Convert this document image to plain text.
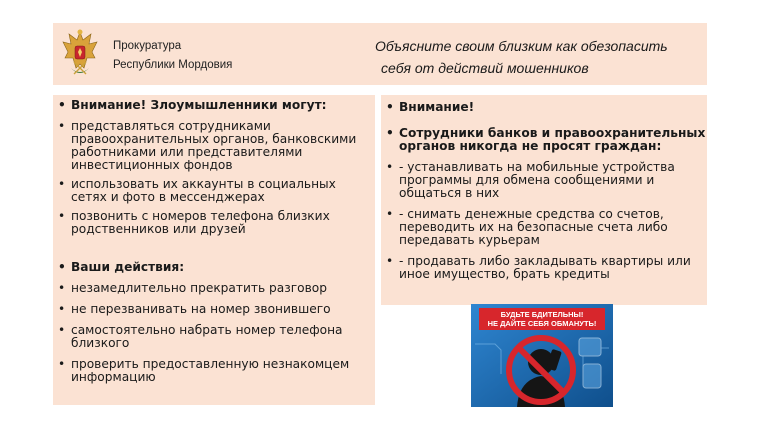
Прокуратура
Республики Мордовия
Объясните своим близким как обезопасить
себя от действий мошенников
• Внимание! Злоумышленники могут:
• представляться сотрудниками правоохранительных органов, банковскими работниками или представителями инвестиционных фондов
• использовать их аккаунты в социальных сетях и фото в мессенджерах
• позвонить с номеров телефона близких родственников или друзей
• Ваши действия:
• незамедлительно прекратить разговор
• не перезванивать на номер звонившего
• самостоятельно набрать номер телефона близкого
• проверить предоставленную незнакомцем информацию
• Внимание!
• Сотрудники банков и правоохранительных органов никогда не просят граждан:
• - устанавливать на мобильные устройства программы для обмена сообщениями и общаться в них
• - снимать денежные средства со счетов, переводить их на безопасные счета либо передавать курьерам
• - продавать либо закладывать квартиры или иное имущество, брать кредиты
БУДЬТЕ БДИТЕЛЬНЫ!
НЕ ДАЙТЕ СЕБЯ ОБМАНУТЬ!
